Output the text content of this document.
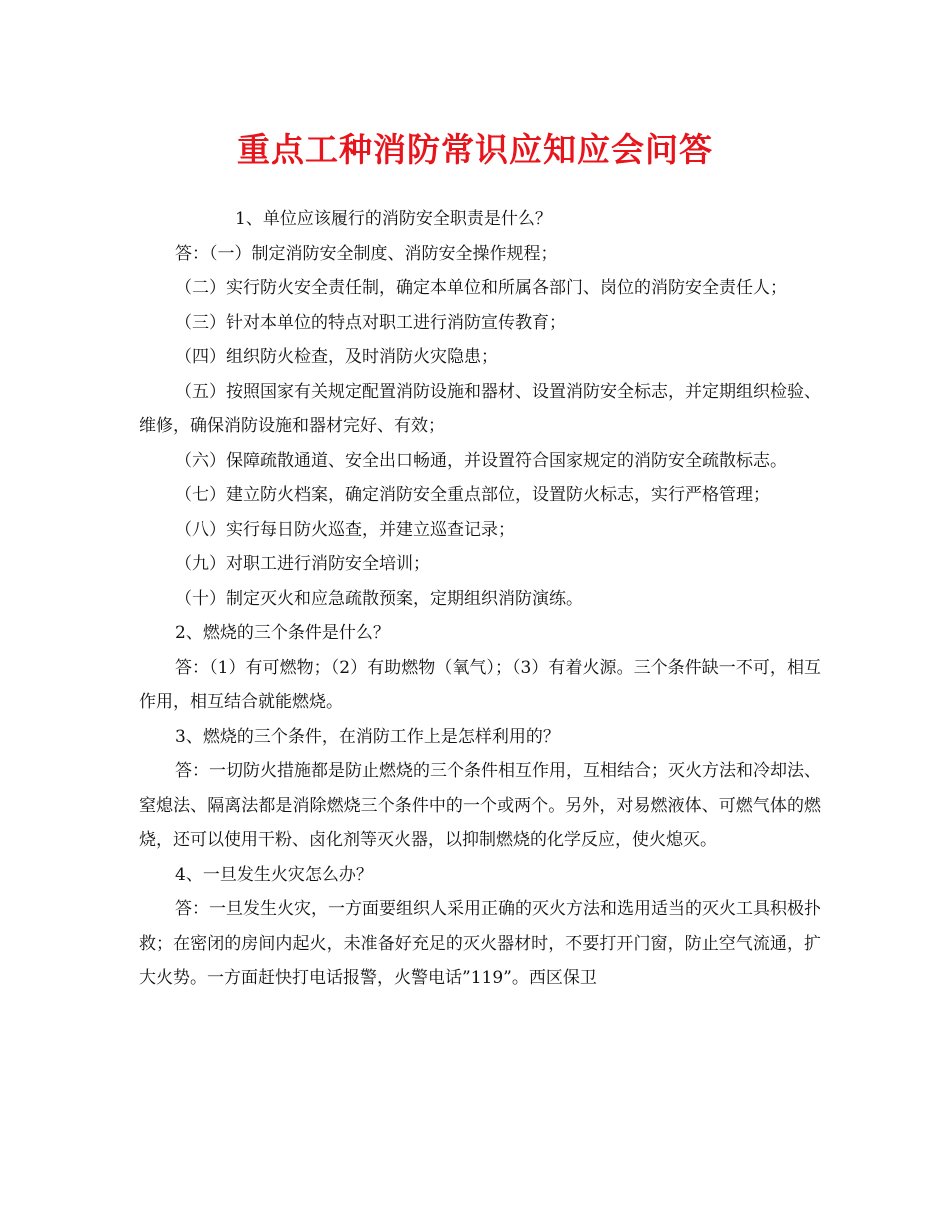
重点工种消防常识应知应会问答

1、单位应该履行的消防安全职责是什么？

答：（一）制定消防安全制度、消防安全操作规程；

（二）实行防火安全责任制，确定本单位和所属各部门、岗位的消防安全责任人；

（三）针对本单位的特点对职工进行消防宣传教育；

（四）组织防火检查，及时消防火灾隐患；

（五）按照国家有关规定配置消防设施和器材、设置消防安全标志，并定期组织检验、维修，确保消防设施和器材完好、有效；

（六）保障疏散通道、安全出口畅通，并设置符合国家规定的消防安全疏散标志。

（七）建立防火档案，确定消防安全重点部位，设置防火标志，实行严格管理；

（八）实行每日防火巡查，并建立巡查记录；

（九）对职工进行消防安全培训；

（十）制定灭火和应急疏散预案，定期组织消防演练。

2、燃烧的三个条件是什么？

答：（1）有可燃物；（2）有助燃物（氧气）；（3）有着火源。三个条件缺一不可，相互作用，相互结合就能燃烧。

3、燃烧的三个条件，在消防工作上是怎样利用的？

答：一切防火措施都是防止燃烧的三个条件相互作用，互相结合；灭火方法和冷却法、窒熄法、隔离法都是消除燃烧三个条件中的一个或两个。另外，对易燃液体、可燃气体的燃烧，还可以使用干粉、卤化剂等灭火器，以抑制燃烧的化学反应，使火熄灭。

4、一旦发生火灾怎么办？

答：一旦发生火灾，一方面要组织人采用正确的灭火方法和选用适当的灭火工具积极扑救；在密闭的房间内起火，未准备好充足的灭火器材时，不要打开门窗，防止空气流通，扩大火势。一方面赶快打电话报警，火警电话”119”。西区保卫
